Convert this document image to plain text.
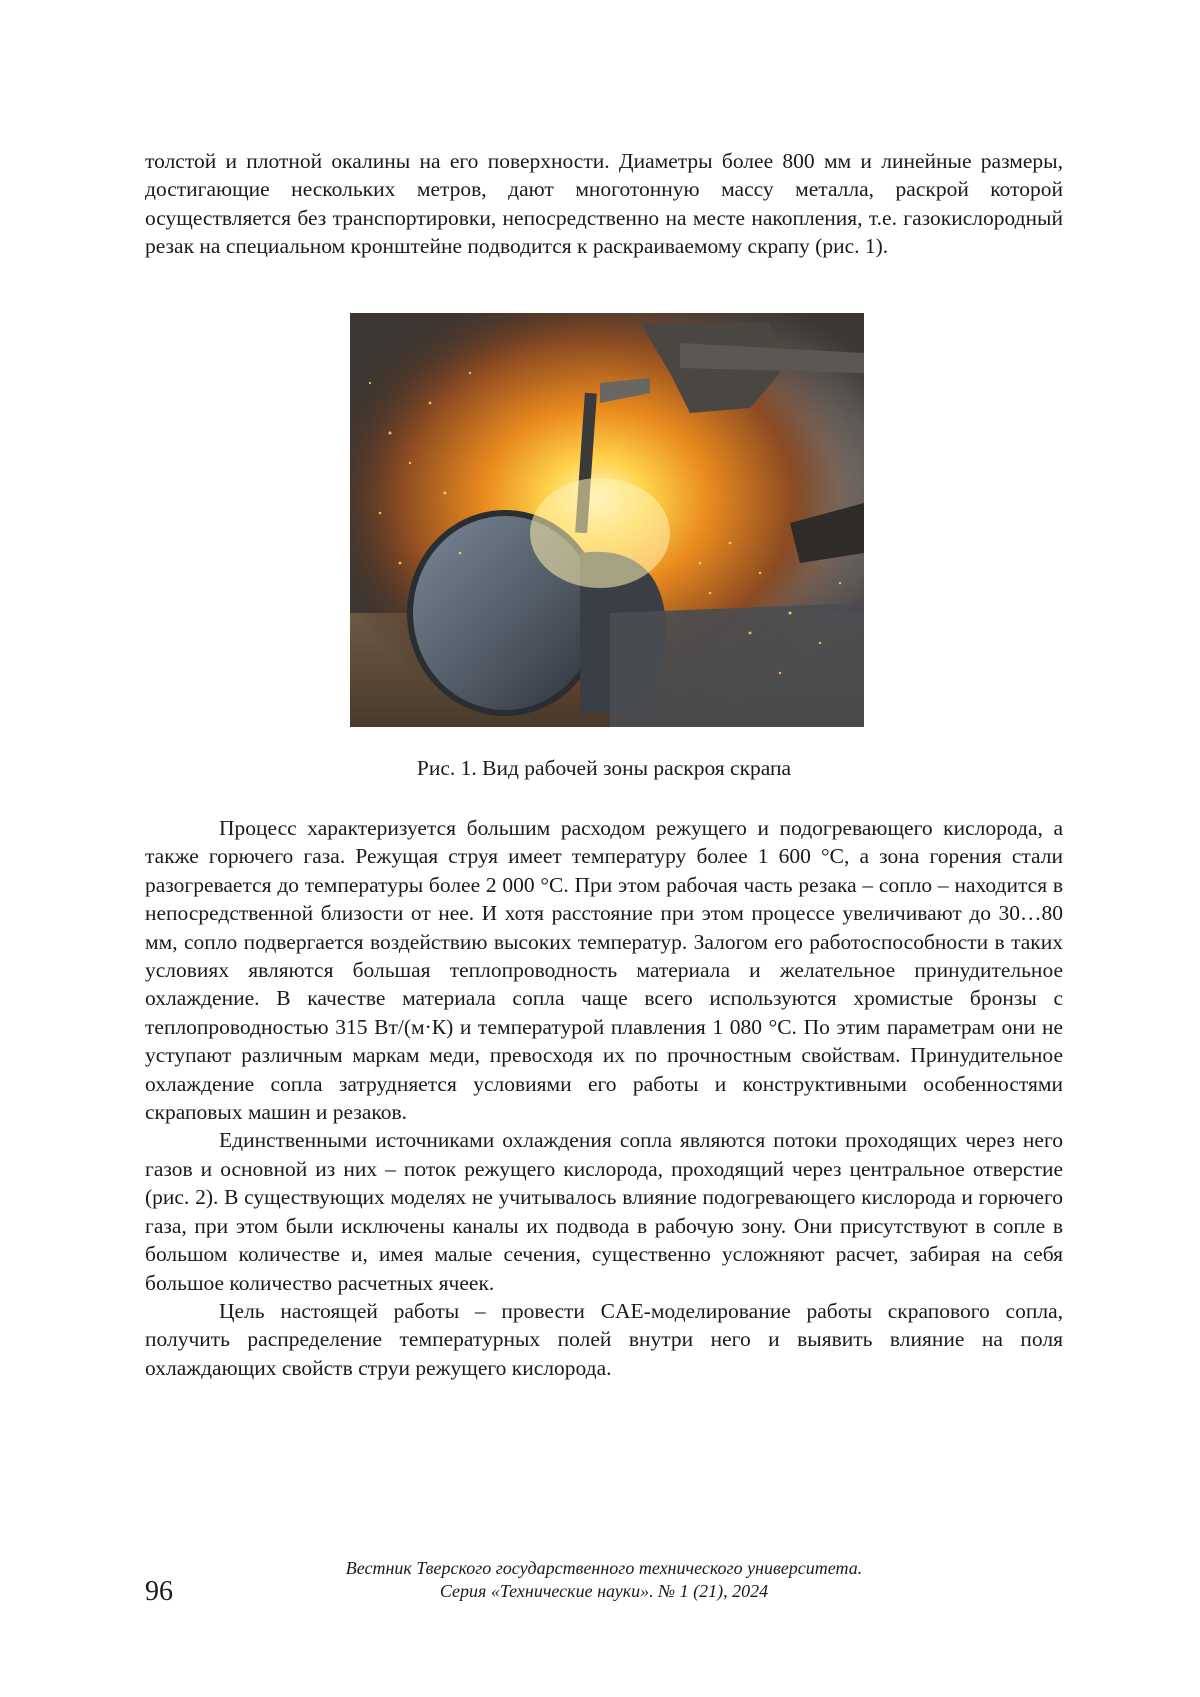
толстой и плотной окалины на его поверхности. Диаметры более 800 мм и линейные размеры, достигающие нескольких метров, дают многотонную массу металла, раскрой которой осуществляется без транспортировки, непосредственно на месте накопления, т.е. газокислородный резак на специальном кронштейне подводится к раскраиваемому скрапу (рис. 1).

Рис. 1. Вид рабочей зоны раскроя скрапа

Процесс характеризуется большим расходом режущего и подогревающего кислорода, а также горючего газа. Режущая струя имеет температуру более 1 600 °С, а зона горения стали разогревается до температуры более 2 000 °С. При этом рабочая часть резака – сопло – находится в непосредственной близости от нее. И хотя расстояние при этом процессе увеличивают до 30…80 мм, сопло подвергается воздействию высоких температур. Залогом его работоспособности в таких условиях являются большая теплопроводность материала и желательное принудительное охлаждение. В качестве материала сопла чаще всего используются хромистые бронзы с теплопроводностью 315 Вт/(м·К) и температурой плавления 1 080 °С. По этим параметрам они не уступают различным маркам меди, превосходя их по прочностным свойствам. Принудительное охлаждение сопла затрудняется условиями его работы и конструктивными особенностями скраповых машин и резаков.

Единственными источниками охлаждения сопла являются потоки проходящих через него газов и основной из них – поток режущего кислорода, проходящий через центральное отверстие (рис. 2). В существующих моделях не учитывалось влияние подогревающего кислорода и горючего газа, при этом были исключены каналы их подвода в рабочую зону. Они присутствуют в сопле в большом количестве и, имея малые сечения, существенно усложняют расчет, забирая на себя большое количество расчетных ячеек.

Цель настоящей работы – провести CAE-моделирование работы скрапового сопла, получить распределение температурных полей внутри него и выявить влияние на поля охлаждающих свойств струи режущего кислорода.

Вестник Тверского государственного технического университета.
Серия «Технические науки». № 1 (21), 2024
96
